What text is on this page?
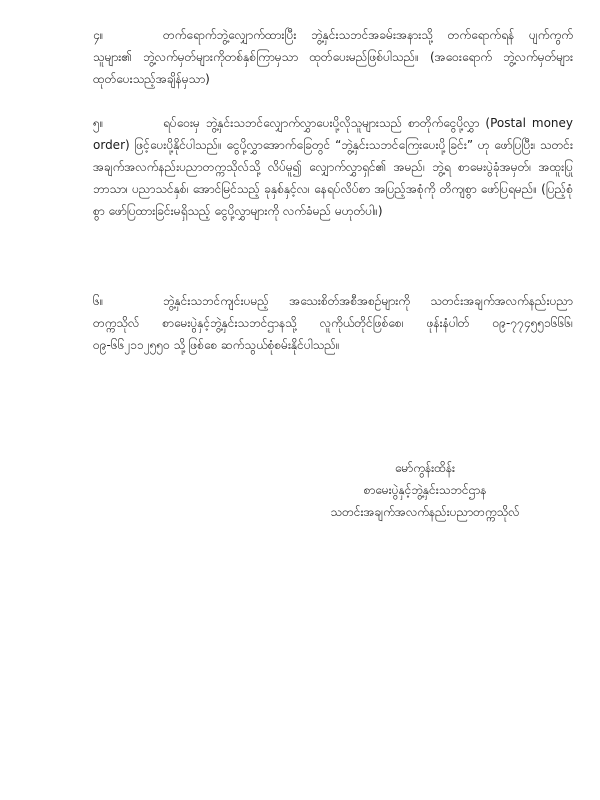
၄။	တက်ရောက်ဘွဲ့လျှောက်ထားပြီး ဘွဲ့နှင်းသဘင်အခမ်းအနားသို့ တက်ရောက်ရန် ပျက်ကွက်သူများ၏ ဘွဲ့လက်မှတ်များကိုတစ်နှစ်ကြာမှသာ ထုတ်ပေးမည်ဖြစ်ပါသည်။ (အဝေးရောက် ဘွဲ့လက်မှတ်များ ထုတ်ပေးသည့်အချိန်မှသာ)

၅။	ရပ်ဝေးမှ ဘွဲ့နှင်းသဘင်လျှောက်လွှာပေးပို့လိုသူများသည် စာတိုက်ငွေပို့လွှာ (Postal money order) ဖြင့်ပေးပို့နိုင်ပါသည်။ ငွေပို့လွှာအောက်ခြေတွင် “ဘွဲ့နှင်းသဘင်ကြေးပေးပို့ခြင်း” ဟု ဖော်ပြပြီး၊ သတင်းအချက်အလက်နည်းပညာတက္ကသိုလ်သို့ လိပ်မူ၍ လျှောက်လွှာရှင်၏ အမည်၊ ဘွဲ့ရ စာမေးပွဲခုံအမှတ်၊ အထူးပြုဘာသာ၊ ပညာသင်နှစ်၊ အောင်မြင်သည့် ခုနှစ်နှင့်လ၊ နေရပ်လိပ်စာ အပြည့်အစုံကို တိကျစွာ ဖော်ပြရမည်။ (ပြည့်စုံစွာ ဖော်ပြထားခြင်းမရှိသည့် ငွေပို့လွှာများကို လက်ခံမည် မဟုတ်ပါ။)

၆။	ဘွဲ့နှင်းသဘင်ကျင်းပမည့် အသေးစိတ်အစီအစဉ်များကို သတင်းအချက်အလက်နည်းပညာ တက္ကသိုလ် စာမေးပွဲနှင့်ဘွဲ့နှင်းသဘင်ဌာနသို့ လူကိုယ်တိုင်ဖြစ်စေ၊ ဖုန်းနံပါတ် ၀၉-၇၇၄၅၅၁၆၆၆၊ ၀၉-၆၆၂၁၁၂၅၅၀ သို့ဖြစ်စေ ဆက်သွယ်စုံစမ်းနိုင်ပါသည်။

မော်ကွန်းထိန်း

စာမေးပွဲနှင့်ဘွဲ့နှင်းသဘင်ဌာန

သတင်းအချက်အလက်နည်းပညာတက္ကသိုလ်
